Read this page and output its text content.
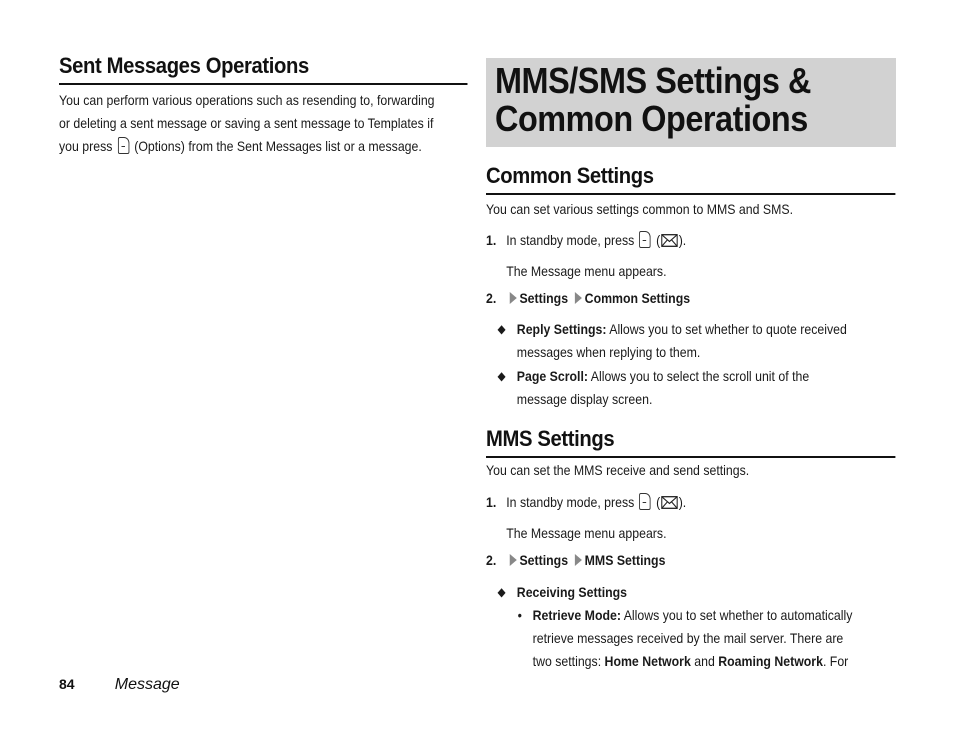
Sent Messages Operations
You can perform various operations such as resending to, forwarding
or deleting a sent message or saving a sent message to Templates if
you press (Options) from the Sent Messages list or a message.
MMS/SMS Settings &
Common Operations
Common Settings
You can set various settings common to MMS and SMS.
1. In standby mode, press ( ).
The Message menu appears.
2. Settings Common Settings
◆ Reply Settings: Allows you to set whether to quote received
messages when replying to them.
◆ Page Scroll: Allows you to select the scroll unit of the
message display screen.
MMS Settings
You can set the MMS receive and send settings.
1. In standby mode, press ( ).
The Message menu appears.
2. Settings MMS Settings
◆ Receiving Settings
• Retrieve Mode: Allows you to set whether to automatically
retrieve messages received by the mail server. There are
two settings: Home Network and Roaming Network. For
84	Message
